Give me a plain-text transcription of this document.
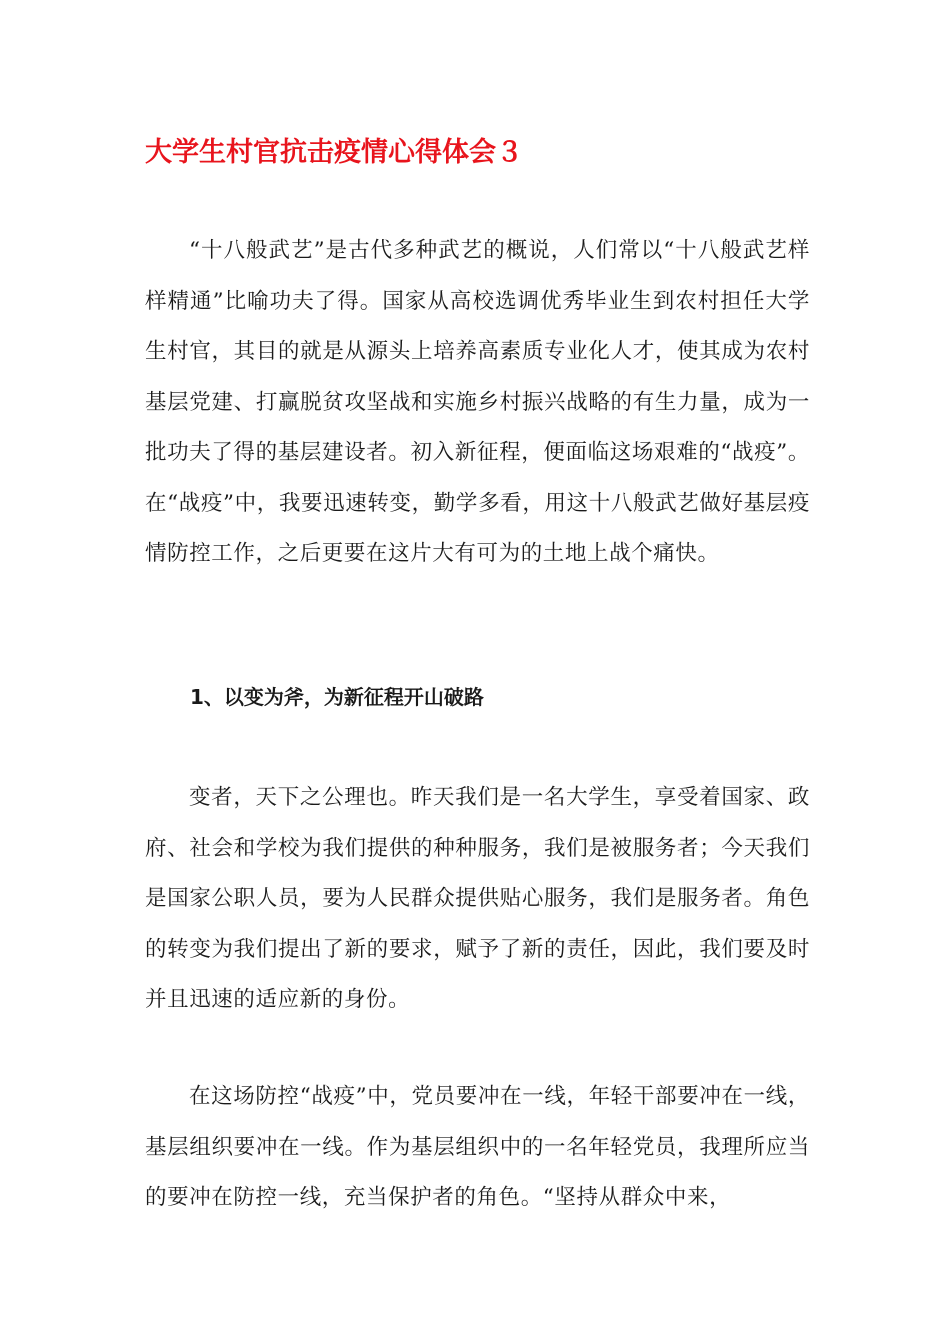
大学生村官抗击疫情心得体会３

“十八般武艺”是古代多种武艺的概说，人们常以“十八般武艺样样精通”比喻功夫了得。国家从高校选调优秀毕业生到农村担任大学生村官，其目的就是从源头上培养高素质专业化人才，使其成为农村基层党建、打赢脱贫攻坚战和实施乡村振兴战略的有生力量，成为一批功夫了得的基层建设者。初入新征程，便面临这场艰难的“战疫”。在“战疫”中，我要迅速转变，勤学多看，用这十八般武艺做好基层疫情防控工作，之后更要在这片大有可为的土地上战个痛快。

1、以变为斧，为新征程开山破路

变者，天下之公理也。昨天我们是一名大学生，享受着国家、政府、社会和学校为我们提供的种种服务，我们是被服务者；今天我们是国家公职人员，要为人民群众提供贴心服务，我们是服务者。角色的转变为我们提出了新的要求，赋予了新的责任，因此，我们要及时并且迅速的适应新的身份。

在这场防控“战疫”中，党员要冲在一线，年轻干部要冲在一线，基层组织要冲在一线。作为基层组织中的一名年轻党员，我理所应当的要冲在防控一线，充当保护者的角色。“坚持从群众中来，
